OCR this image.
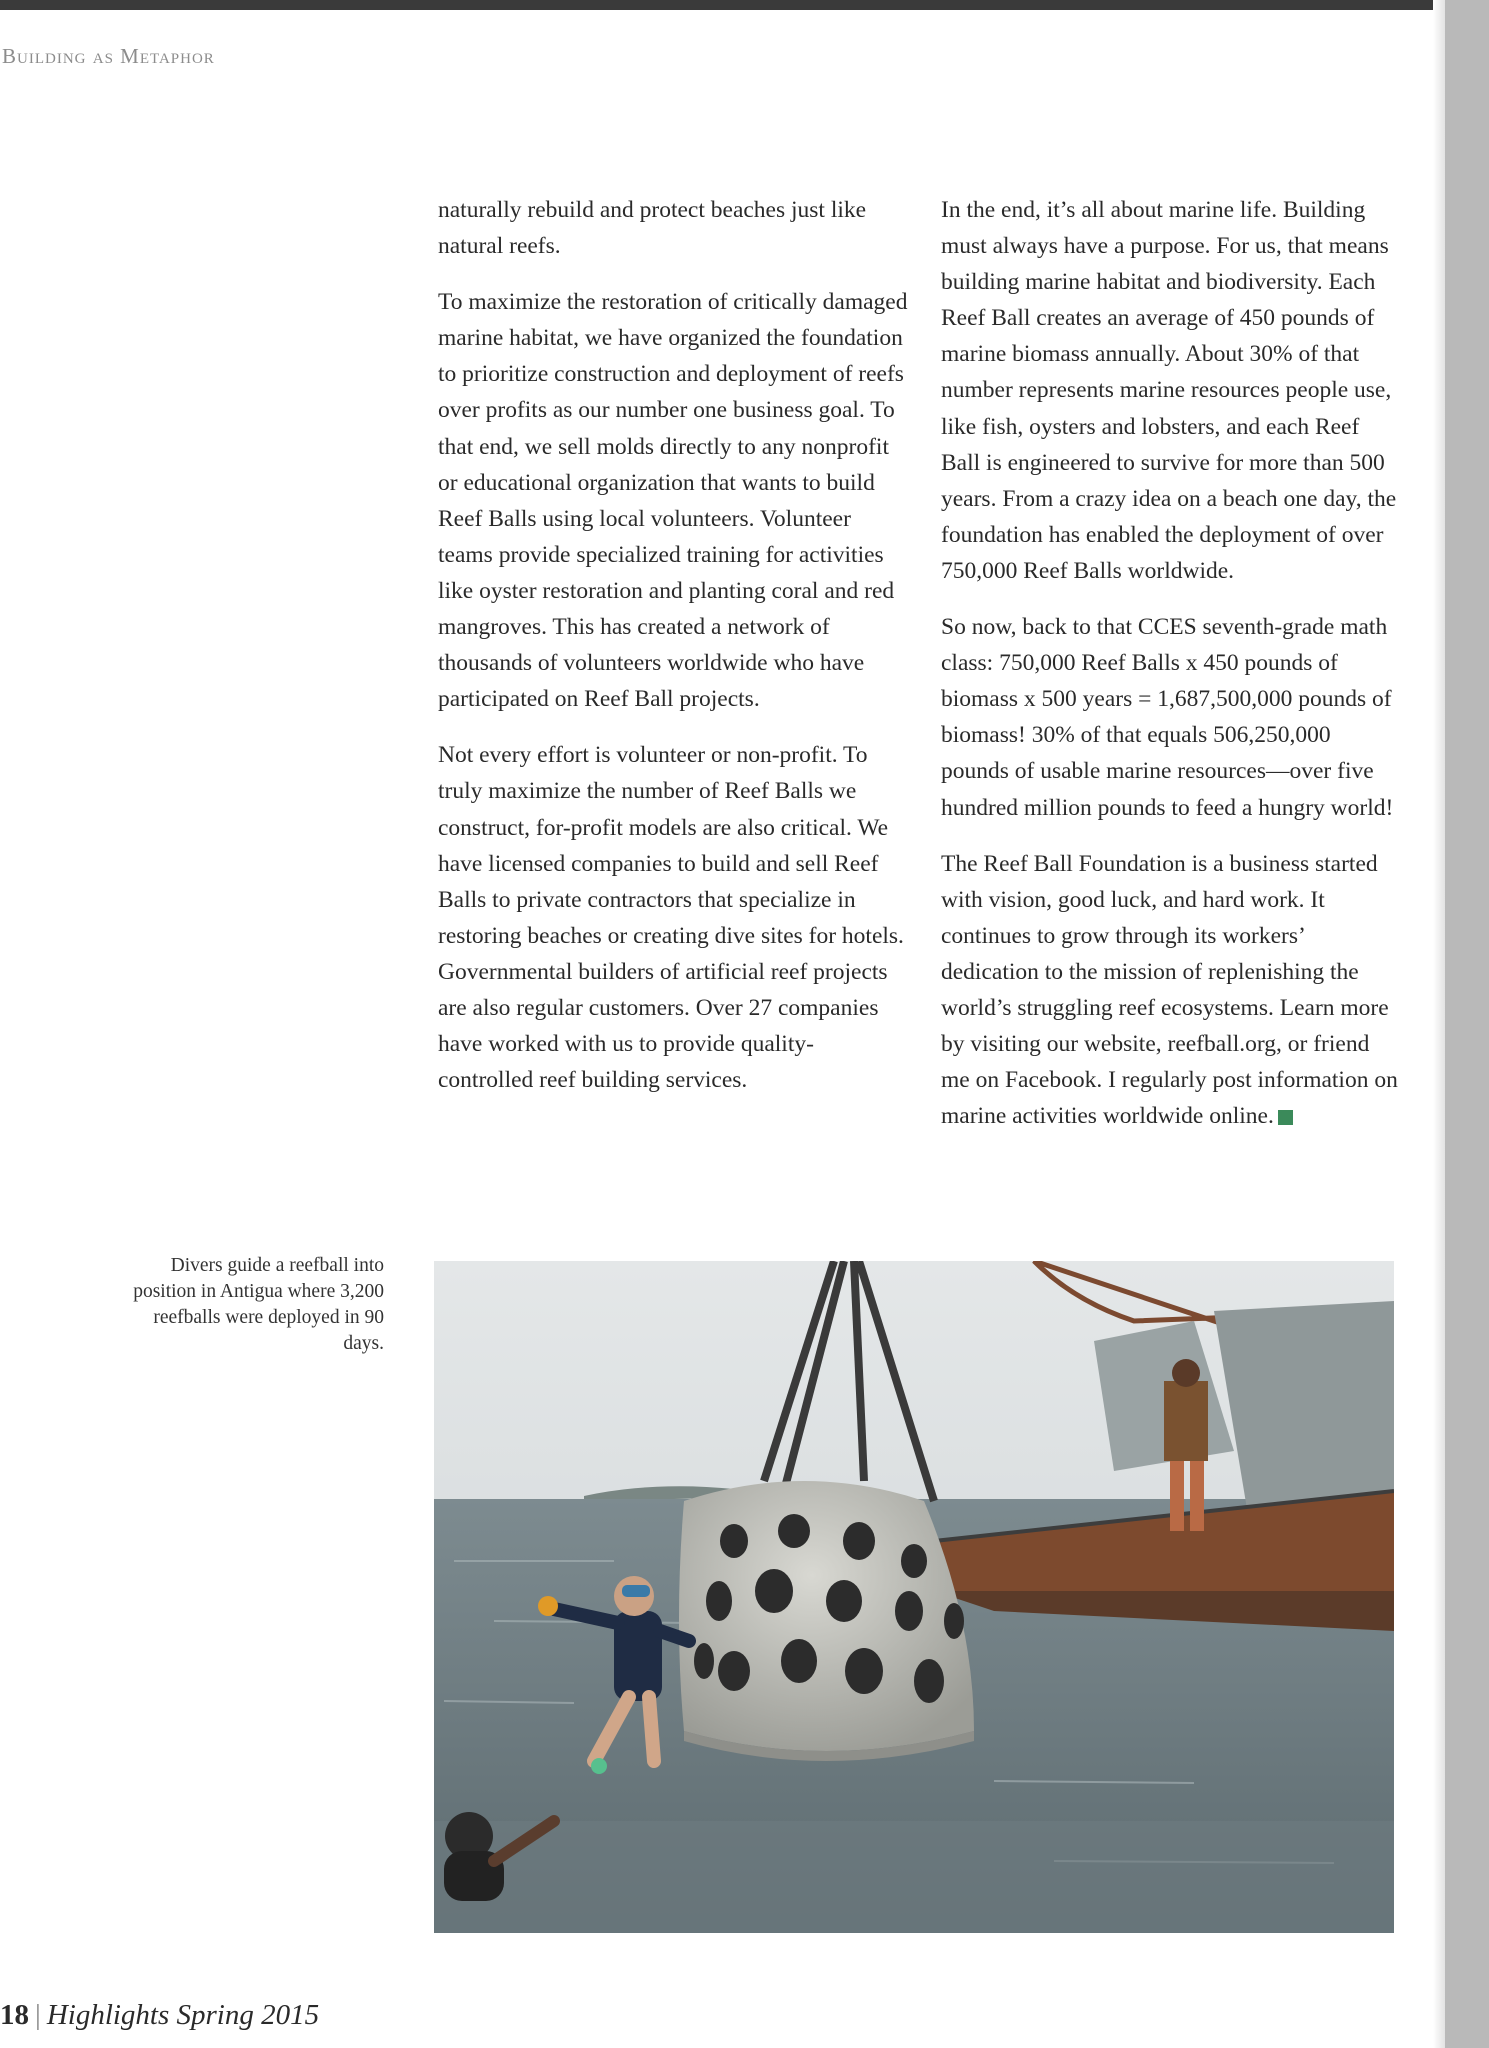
Building as Metaphor

naturally rebuild and protect beaches just like natural reefs.

To maximize the restoration of critically damaged marine habitat, we have organized the foundation to prioritize construction and deployment of reefs over profits as our number one business goal. To that end, we sell molds directly to any nonprofit or educational organization that wants to build Reef Balls using local volunteers. Volunteer teams provide specialized training for activities like oyster restoration and planting coral and red mangroves. This has created a network of thousands of volunteers worldwide who have participated on Reef Ball projects.

Not every effort is volunteer or non-profit. To truly maximize the number of Reef Balls we construct, for-profit models are also critical. We have licensed companies to build and sell Reef Balls to private contractors that specialize in restoring beaches or creating dive sites for hotels. Governmental builders of artificial reef projects are also regular customers. Over 27 companies have worked with us to provide quality-controlled reef building services.

In the end, it’s all about marine life. Building must always have a purpose. For us, that means building marine habitat and biodiversity. Each Reef Ball creates an average of 450 pounds of marine biomass annually. About 30% of that number represents marine resources people use, like fish, oysters and lobsters, and each Reef Ball is engineered to survive for more than 500 years. From a crazy idea on a beach one day, the foundation has enabled the deployment of over 750,000 Reef Balls worldwide.

So now, back to that CCES seventh-grade math class: 750,000 Reef Balls x 450 pounds of biomass x 500 years = 1,687,500,000 pounds of biomass! 30% of that equals 506,250,000 pounds of usable marine resources—over five hundred million pounds to feed a hungry world!

The Reef Ball Foundation is a business started with vision, good luck, and hard work. It continues to grow through its workers’ dedication to the mission of replenishing the world’s struggling reef ecosystems. Learn more by visiting our website, reefball.org, or friend me on Facebook. I regularly post information on marine activities worldwide online.

Divers guide a reefball into position in Antigua where 3,200 reefballs were deployed in 90 days.
18 | Highlights Spring 2015
